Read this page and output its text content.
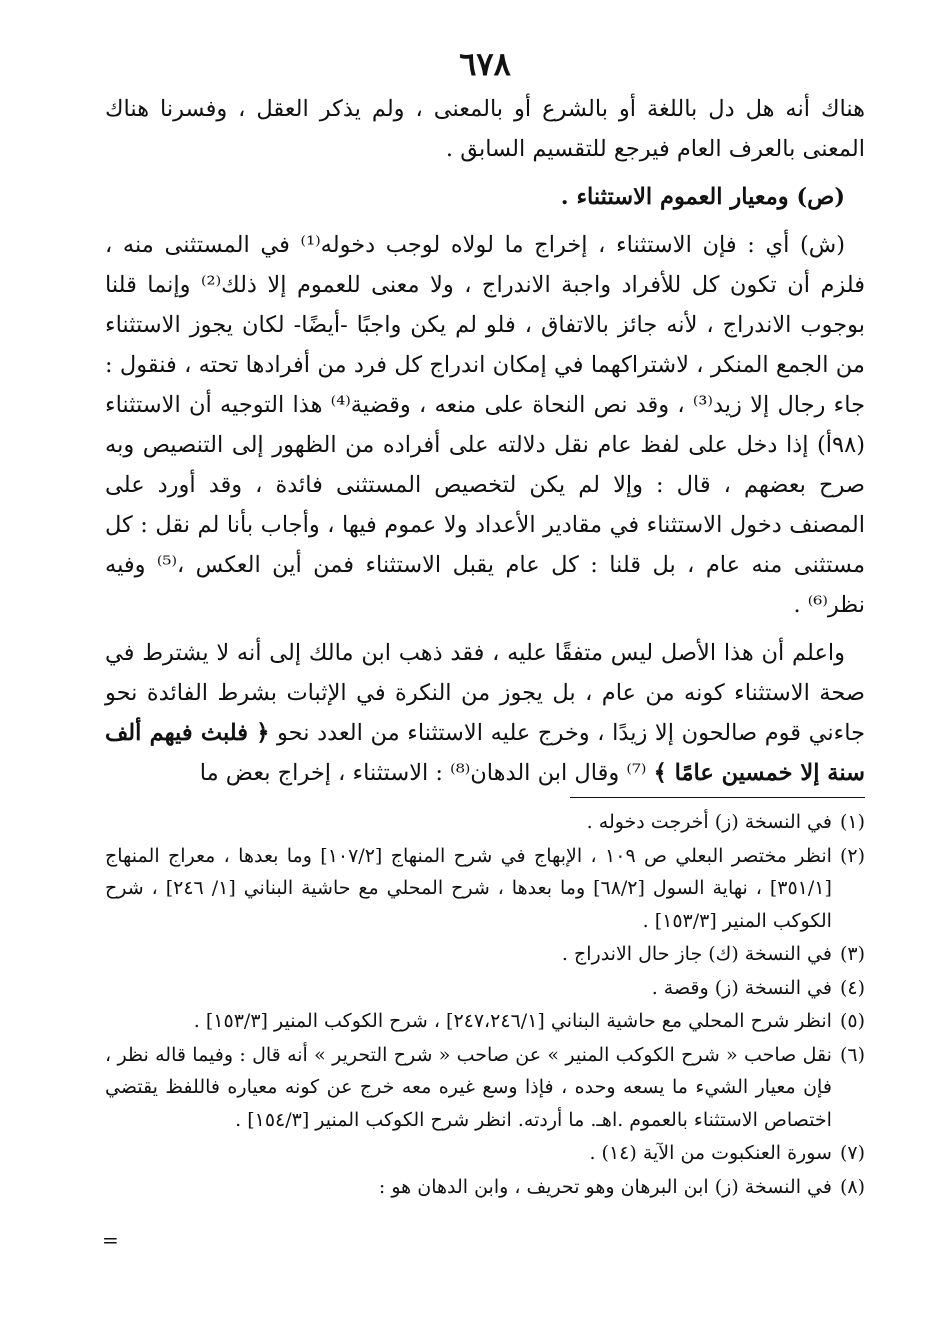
٦٧٨

هناك أنه هل دل باللغة أو بالشرع أو بالمعنى ، ولم يذكر العقل ، وفسرنا هناك المعنى بالعرف العام فيرجع للتقسيم السابق .

(ص) ومعيار العموم الاستثناء .

(ش) أي : فإن الاستثناء ، إخراج ما لولاه لوجب دخوله⁽¹⁾ في المستثنى منه ، فلزم أن تكون كل للأفراد واجبة الاندراج ، ولا معنى للعموم إلا ذلك⁽²⁾ وإنما قلنا بوجوب الاندراج ، لأنه جائز بالاتفاق ، فلو لم يكن واجبًا -أيضًا- لكان يجوز الاستثناء من الجمع المنكر ، لاشتراكهما في إمكان اندراج كل فرد من أفرادها تحته ، فنقول : جاء رجال إلا زيد⁽³⁾ ، وقد نص النحاة على منعه ، وقضية⁽⁴⁾ هذا التوجيه أن الاستثناء (٩٨أ) إذا دخل على لفظ عام نقل دلالته على أفراده من الظهور إلى التنصيص وبه صرح بعضهم ، قال : وإلا لم يكن لتخصيص المستثنى فائدة ، وقد أورد على المصنف دخول الاستثناء في مقادير الأعداد ولا عموم فيها ، وأجاب بأنا لم نقل : كل مستثنى منه عام ، بل قلنا : كل عام يقبل الاستثناء فمن أين العكس ،⁽⁵⁾ وفيه نظر⁽⁶⁾ .

واعلم أن هذا الأصل ليس متفقًا عليه ، فقد ذهب ابن مالك إلى أنه لا يشترط في صحة الاستثناء كونه من عام ، بل يجوز من النكرة في الإثبات بشرط الفائدة نحو جاءني قوم صالحون إلا زيدًا ، وخرج عليه الاستثناء من العدد نحو ﴿ فلبث فيهم ألف سنة إلا خمسين عامًا ﴾ ⁽⁷⁾ وقال ابن الدهان⁽⁸⁾ : الاستثناء ، إخراج بعض ما

(١)
في النسخة (ز) أخرجت دخوله .
(٢)
انظر مختصر البعلي ص ١٠٩ ، الإبهاج في شرح المنهاج [١٠٧/٢] وما بعدها ، معراج المنهاج [٣٥١/١] ، نهاية السول [٦٨/٢] وما بعدها ، شرح المحلي مع حاشية البناني [١/ ٢٤٦] ، شرح الكوكب المنير [١٥٣/٣] .
(٣)
في النسخة (ك) جاز حال الاندراج .
(٤)
في النسخة (ز) وقصة .
(٥)
انظر شرح المحلي مع حاشية البناني [٢٤٧،٢٤٦/١] ، شرح الكوكب المنير [١٥٣/٣] .
(٦)
نقل صاحب « شرح الكوكب المنير » عن صاحب « شرح التحرير » أنه قال : وفيما قاله نظر ، فإن معيار الشيء ما يسعه وحده ، فإذا وسع غيره معه خرج عن كونه معياره فاللفظ يقتضي اختصاص الاستثناء بالعموم .اهـ. ما أردته. انظر شرح الكوكب المنير [١٥٤/٣] .
(٧)
سورة العنكبوت من الآية (١٤) .
(٨)
في النسخة (ز) ابن البرهان وهو تحريف ، وابن الدهان هو :
=
